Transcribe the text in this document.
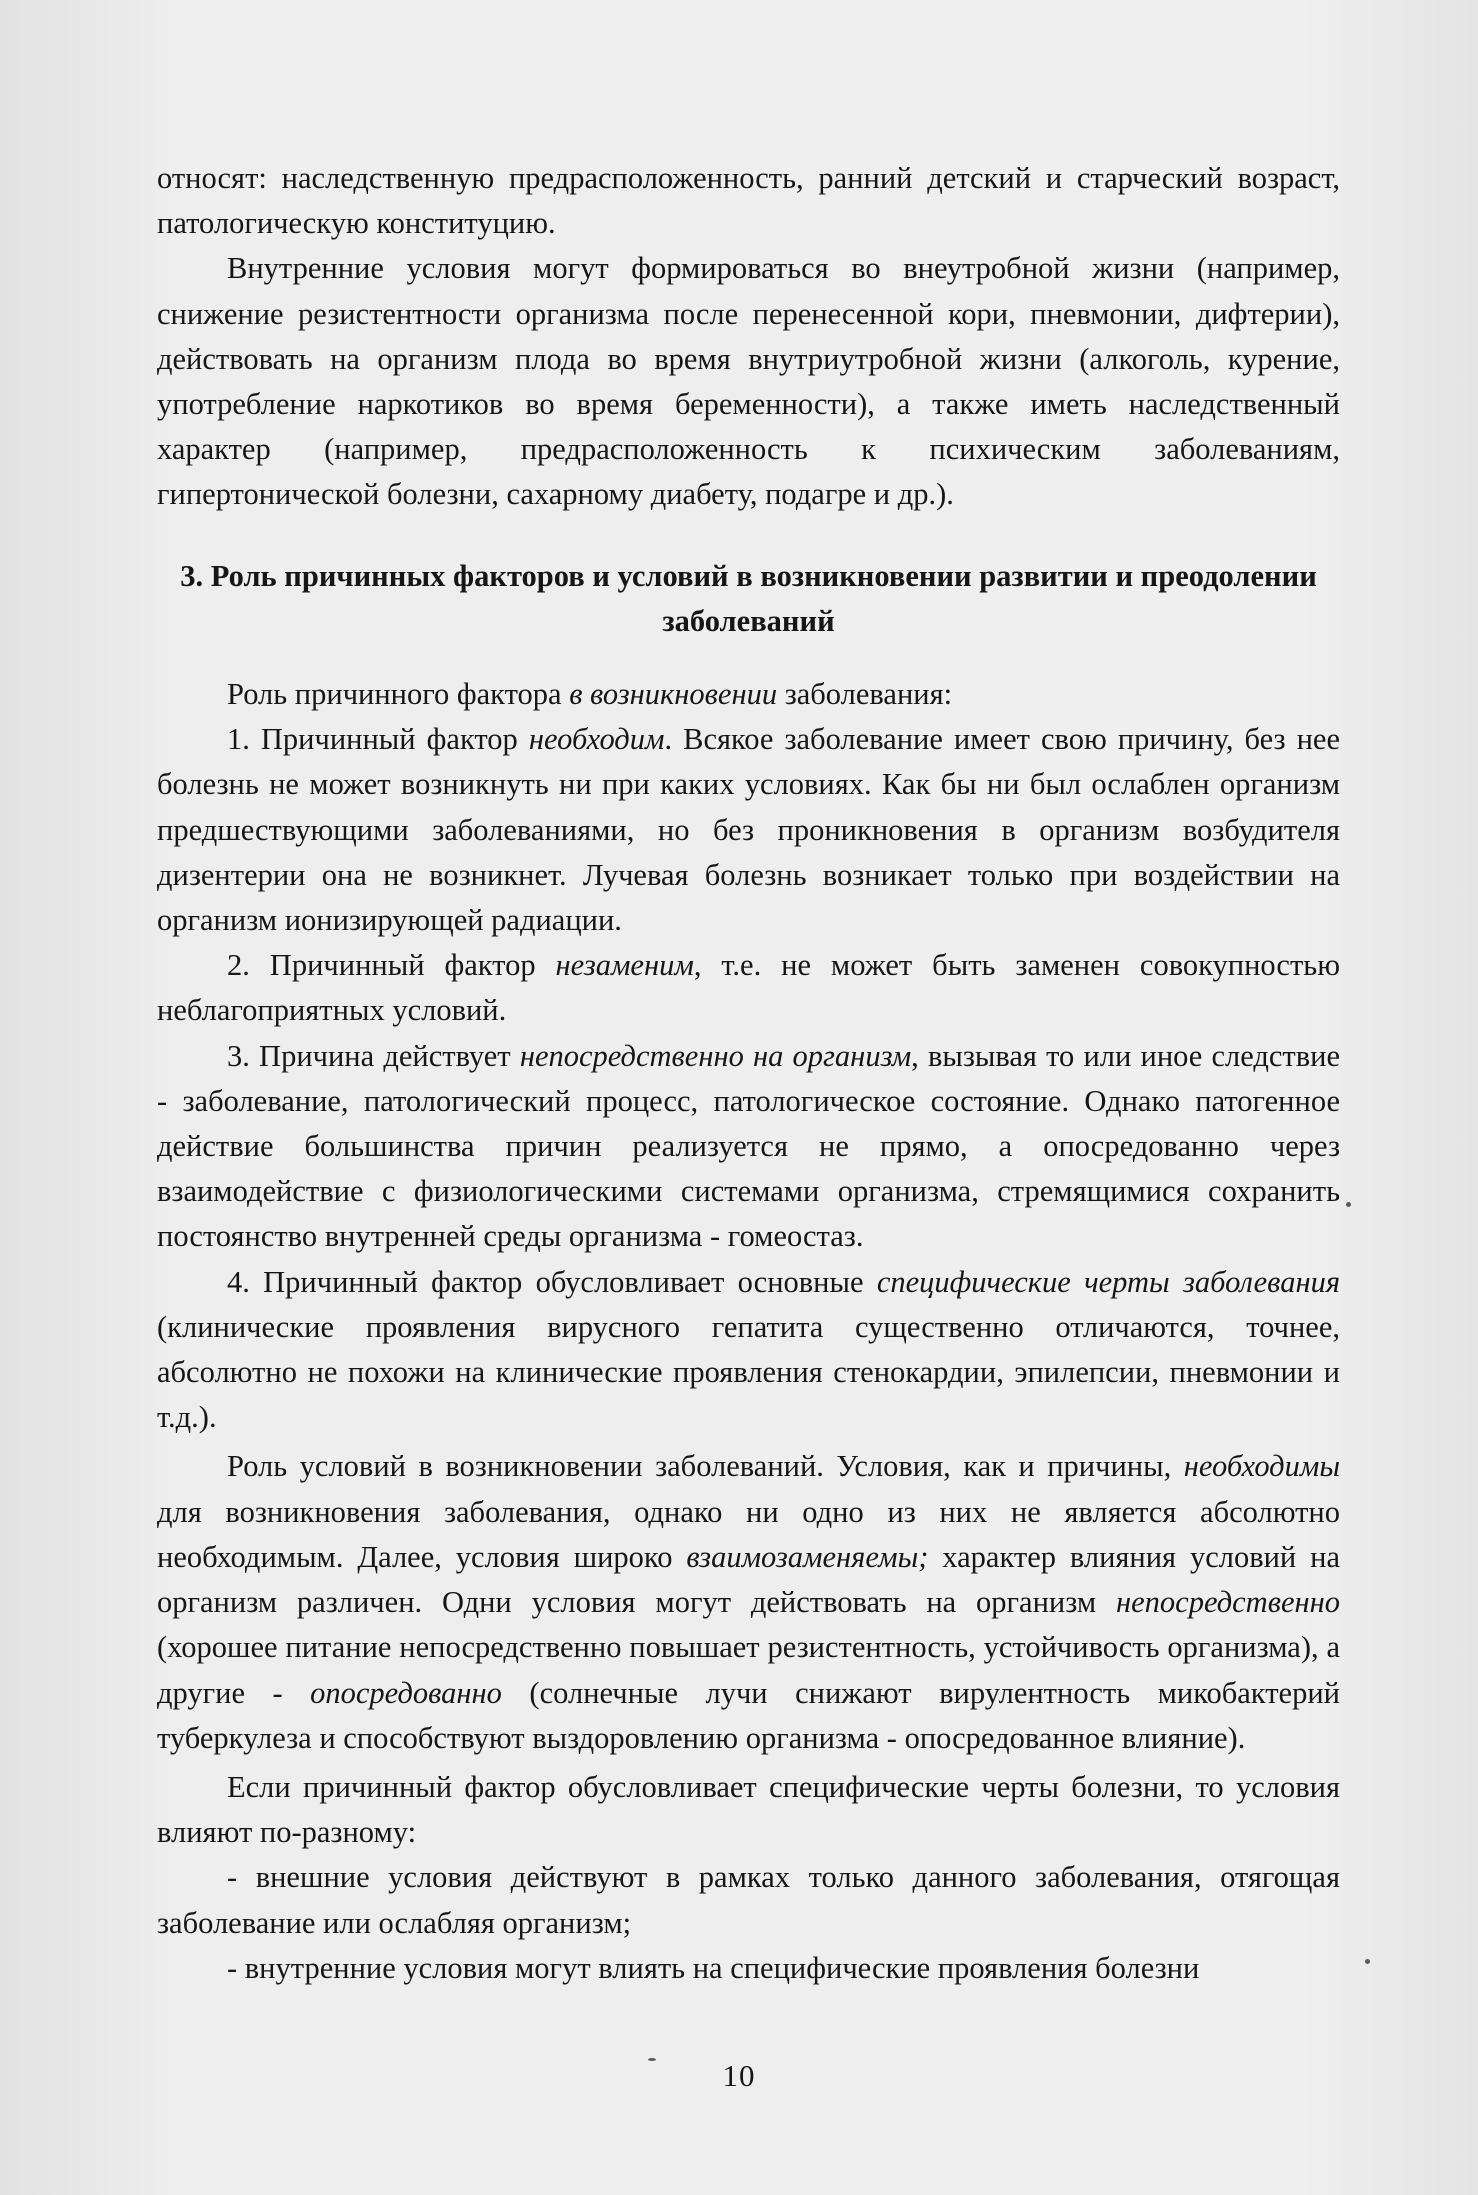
относят: наследственную предрасположенность, ранний детский и старческий возраст, патологическую конституцию.

Внутренние условия могут формироваться во внеутробной жизни (например, снижение резистентности организма после перенесенной кори, пневмонии, дифтерии), действовать на организм плода во время внутриутробной жизни (алкоголь, курение, употребление наркотиков во время беременности), а также иметь наследственный характер (например, предрасположенность к психическим заболеваниям, гипертонической болезни, сахарному диабету, подагре и др.).

3. Роль причинных факторов и условий в возникновении развитии и преодолении заболеваний

Роль причинного фактора в возникновении заболевания:

1. Причинный фактор необходим. Всякое заболевание имеет свою причину, без нее болезнь не может возникнуть ни при каких условиях. Как бы ни был ослаблен организм предшествующими заболеваниями, но без проникновения в организм возбудителя дизентерии она не возникнет. Лучевая болезнь возникает только при воздействии на организм ионизирующей радиации.

2. Причинный фактор незаменим, т.е. не может быть заменен совокупностью неблагоприятных условий.

3. Причина действует непосредственно на организм, вызывая то или иное следствие - заболевание, патологический процесс, патологическое состояние. Однако патогенное действие большинства причин реализуется не прямо, а опосредованно через взаимодействие с физиологическими системами организма, стремящимися сохранить постоянство внутренней среды организма - гомеостаз.

4. Причинный фактор обусловливает основные специфические черты заболевания (клинические проявления вирусного гепатита существенно отличаются, точнее, абсолютно не похожи на клинические проявления стенокардии, эпилепсии, пневмонии и т.д.).

Роль условий в возникновении заболеваний. Условия, как и причины, необходимы для возникновения заболевания, однако ни одно из них не является абсолютно необходимым. Далее, условия широко взаимозаменяемы; характер влияния условий на организм различен. Одни условия могут действовать на организм непосредственно (хорошее питание непосредственно повышает резистентность, устойчивость организма), а другие - опосредованно (солнечные лучи снижают вирулентность микобактерий туберкулеза и способствуют выздоровлению организма - опосредованное влияние).

Если причинный фактор обусловливает специфические черты болезни, то условия влияют по-разному:

- внешние условия действуют в рамках только данного заболевания, отягощая заболевание или ослабляя организм;

- внутренние условия могут влиять на специфические проявления болезни

10
